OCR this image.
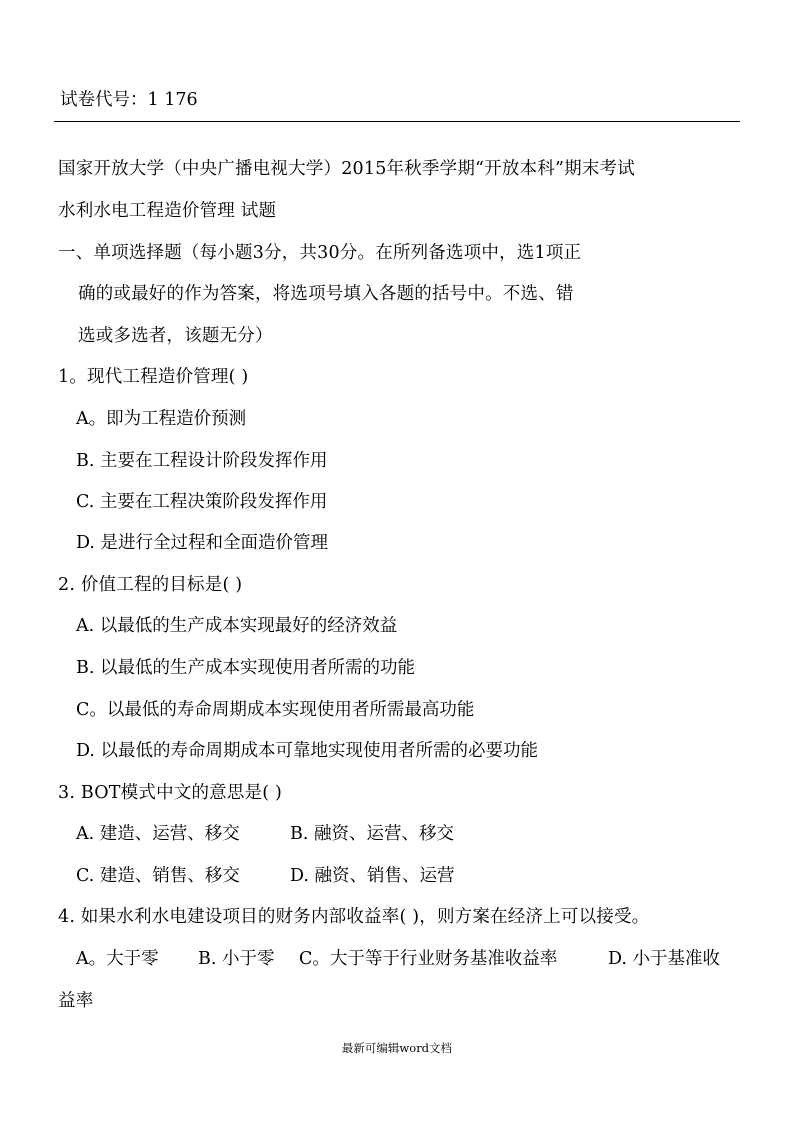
试卷代号：1 176
国家开放大学（中央广播电视大学）2015年秋季学期“开放本科”期末考试
水利水电工程造价管理 试题
一、单项选择题（每小题3分，共30分。在所列备选项中，选1项正
确的或最好的作为答案，将选项号填入各题的括号中。不选、错
选或多选者，该题无分）
1。现代工程造价管理( )
A。即为工程造价预测
B. 主要在工程设计阶段发挥作用
C. 主要在工程决策阶段发挥作用
D. 是进行全过程和全面造价管理
2. 价值工程的目标是( )
A. 以最低的生产成本实现最好的经济效益
B. 以最低的生产成本实现使用者所需的功能
C。以最低的寿命周期成本实现使用者所需最高功能
D. 以最低的寿命周期成本可靠地实现使用者所需的必要功能
3. BOT模式中文的意思是( )
A. 建造、运营、移交	B. 融资、运营、移交
C. 建造、销售、移交	D. 融资、销售、运营
4. 如果水利水电建设项目的财务内部收益率( )，则方案在经济上可以接受。
A。大于零 B. 小于零 C。大于等于行业财务基准收益率	D. 小于基准收
益率
最新可编辑word文档
